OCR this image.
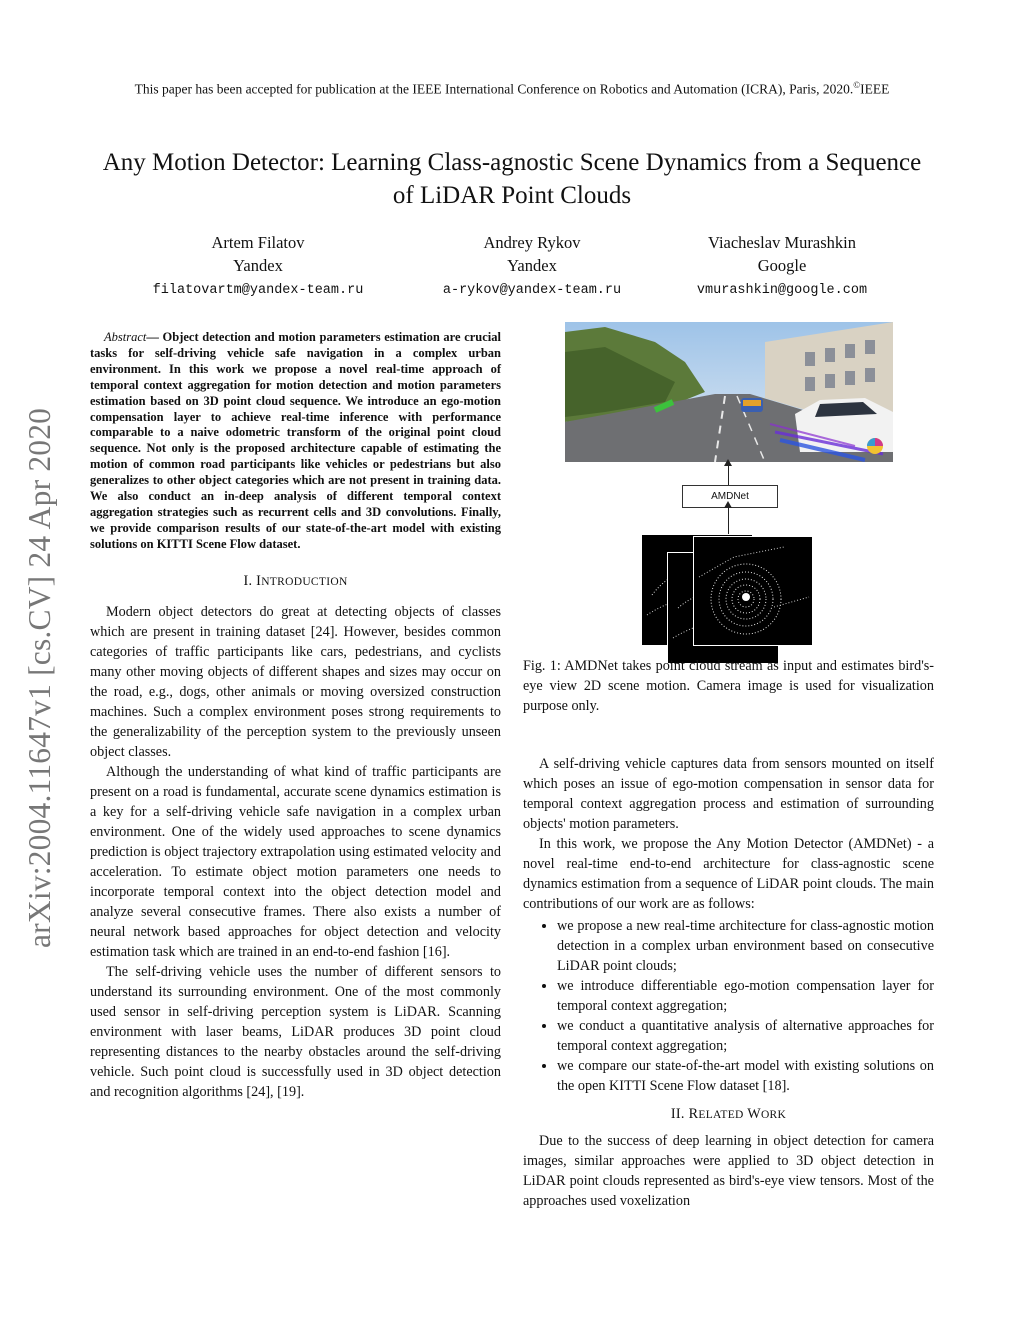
This paper has been accepted for publication at the IEEE International Conference on Robotics and Automation (ICRA), Paris, 2020.©IEEE
Any Motion Detector: Learning Class-agnostic Scene Dynamics from a Sequence of LiDAR Point Clouds
Artem Filatov
Yandex
filatovartm@yandex-team.ru
Andrey Rykov
Yandex
a-rykov@yandex-team.ru
Viacheslav Murashkin
Google
vmurashkin@google.com
arXiv:2004.11647v1 [cs.CV] 24 Apr 2020

Abstract— Object detection and motion parameters estimation are crucial tasks for self-driving vehicle safe navigation in a complex urban environment. In this work we propose a novel real-time approach of temporal context aggregation for motion detection and motion parameters estimation based on 3D point cloud sequence. We introduce an ego-motion compensation layer to achieve real-time inference with performance comparable to a naive odometric transform of the original point cloud sequence. Not only is the proposed architecture capable of estimating the motion of common road participants like vehicles or pedestrians but also generalizes to other object categories which are not present in training data. We also conduct an in-deep analysis of different temporal context aggregation strategies such as recurrent cells and 3D convolutions. Finally, we provide comparison results of our state-of-the-art model with existing solutions on KITTI Scene Flow dataset.

I. INTRODUCTION

Modern object detectors do great at detecting objects of classes which are present in training dataset [24]. However, besides common categories of traffic participants like cars, pedestrians, and cyclists many other moving objects of different shapes and sizes may occur on the road, e.g., dogs, other animals or moving oversized construction machines. Such a complex environment poses strong requirements to the generalizability of the perception system to the previously unseen object classes.

Although the understanding of what kind of traffic participants are present on a road is fundamental, accurate scene dynamics estimation is a key for a self-driving vehicle safe navigation in a complex urban environment. One of the widely used approaches to scene dynamics prediction is object trajectory extrapolation using estimated velocity and acceleration. To estimate object motion parameters one needs to incorporate temporal context into the object detection model and analyze several consecutive frames. There also exists a number of neural network based approaches for object detection and velocity estimation task which are trained in an end-to-end fashion [16].

The self-driving vehicle uses the number of different sensors to understand its surrounding environment. One of the most commonly used sensor in self-driving perception system is LiDAR. Scanning environment with laser beams, LiDAR produces 3D point cloud representing distances to the nearby obstacles around the self-driving vehicle. Such point cloud is successfully used in 3D object detection and recognition algorithms [24], [19].

AMDNet

Fig. 1: AMDNet takes point cloud stream as input and estimates bird's-eye view 2D scene motion. Camera image is used for visualization purpose only.

A self-driving vehicle captures data from sensors mounted on itself which poses an issue of ego-motion compensation in sensor data for temporal context aggregation process and estimation of surrounding objects' motion parameters.

In this work, we propose the Any Motion Detector (AMDNet) - a novel real-time end-to-end architecture for class-agnostic scene dynamics estimation from a sequence of LiDAR point clouds. The main contributions of our work are as follows:

• we propose a new real-time architecture for class-agnostic motion detection in a complex urban environment based on consecutive LiDAR point clouds;
• we introduce differentiable ego-motion compensation layer for temporal context aggregation;
• we conduct a quantitative analysis of alternative approaches for temporal context aggregation;
• we compare our state-of-the-art model with existing solutions on the open KITTI Scene Flow dataset [18].
II. RELATED WORK

Due to the success of deep learning in object detection for camera images, similar approaches were applied to 3D object detection in LiDAR point clouds represented as bird's-eye view tensors. Most of the approaches used voxelization
